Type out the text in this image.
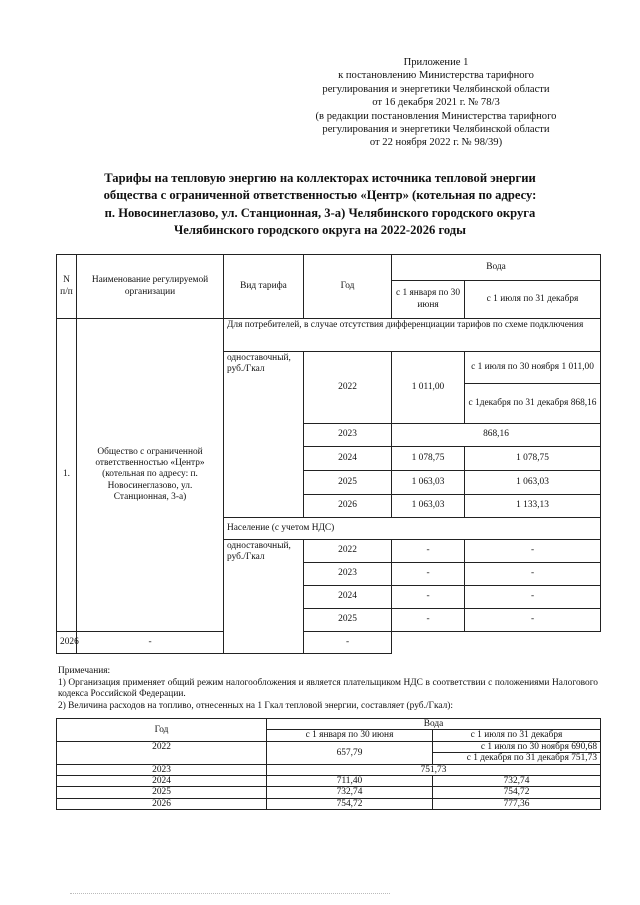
Приложение 1
к постановлению Министерства тарифного
регулирования и энергетики Челябинской области
от 16 декабря 2021 г. № 78/3
(в редакции постановления Министерства тарифного
регулирования и энергетики Челябинской области
от 22 ноября 2022 г. № 98/39)
Тарифы на тепловую энергию на коллекторах источника тепловой энергии
общества с ограниченной ответственностью «Центр» (котельная по адресу:
п. Новосинеглазово, ул. Станционная, 3-а) Челябинского городского округа
Челябинского городского округа на 2022-2026 годы
N п/п	Наименование регулируемой организации	Вид тарифа	Год	Вода	
				с 1 января по 30 июня	с 1 июля по 31 декабря
1.	Общество с ограниченной ответственностью «Центр» (котельная по адресу: п. Новосинеглазово, ул. Станционная, 3-а)	Для потребителей, в случае отсутствия дифференциации тарифов по схеме подключения			
		одноставочный, руб./Гкал	2022	1 011,00	с 1 июля по 30 ноября 1 011,00
					с 1декабря по 31 декабря 868,16
			2023	868,16	
			2024	1 078,75	1 078,75
			2025	1 063,03	1 063,03
			2026	1 063,03	1 133,13
		Население (с учетом НДС)			
		одноставочный, руб./Гкал	2022	-	-
			2023	-	-
			2024	-	-
			2025	-	-
2026	-		-		
Примечания:
1) Организация применяет общий режим налогообложения и является плательщиком НДС в соответствии с положениями Налогового кодекса Российской Федерации.
2) Величина расходов на топливо, отнесенных на 1 Гкал тепловой энергии, составляет (руб./Гкал):
Год	Вода	
	с 1 января по 30 июня	с 1 июля по 31 декабря
2022	657,79	с 1 июля по 30 ноября 690,68
		с 1 декабря по 31 декабря 751,73
2023	751,73	
2024	711,40	732,74
2025	732,74	754,72
2026	754,72	777,36
